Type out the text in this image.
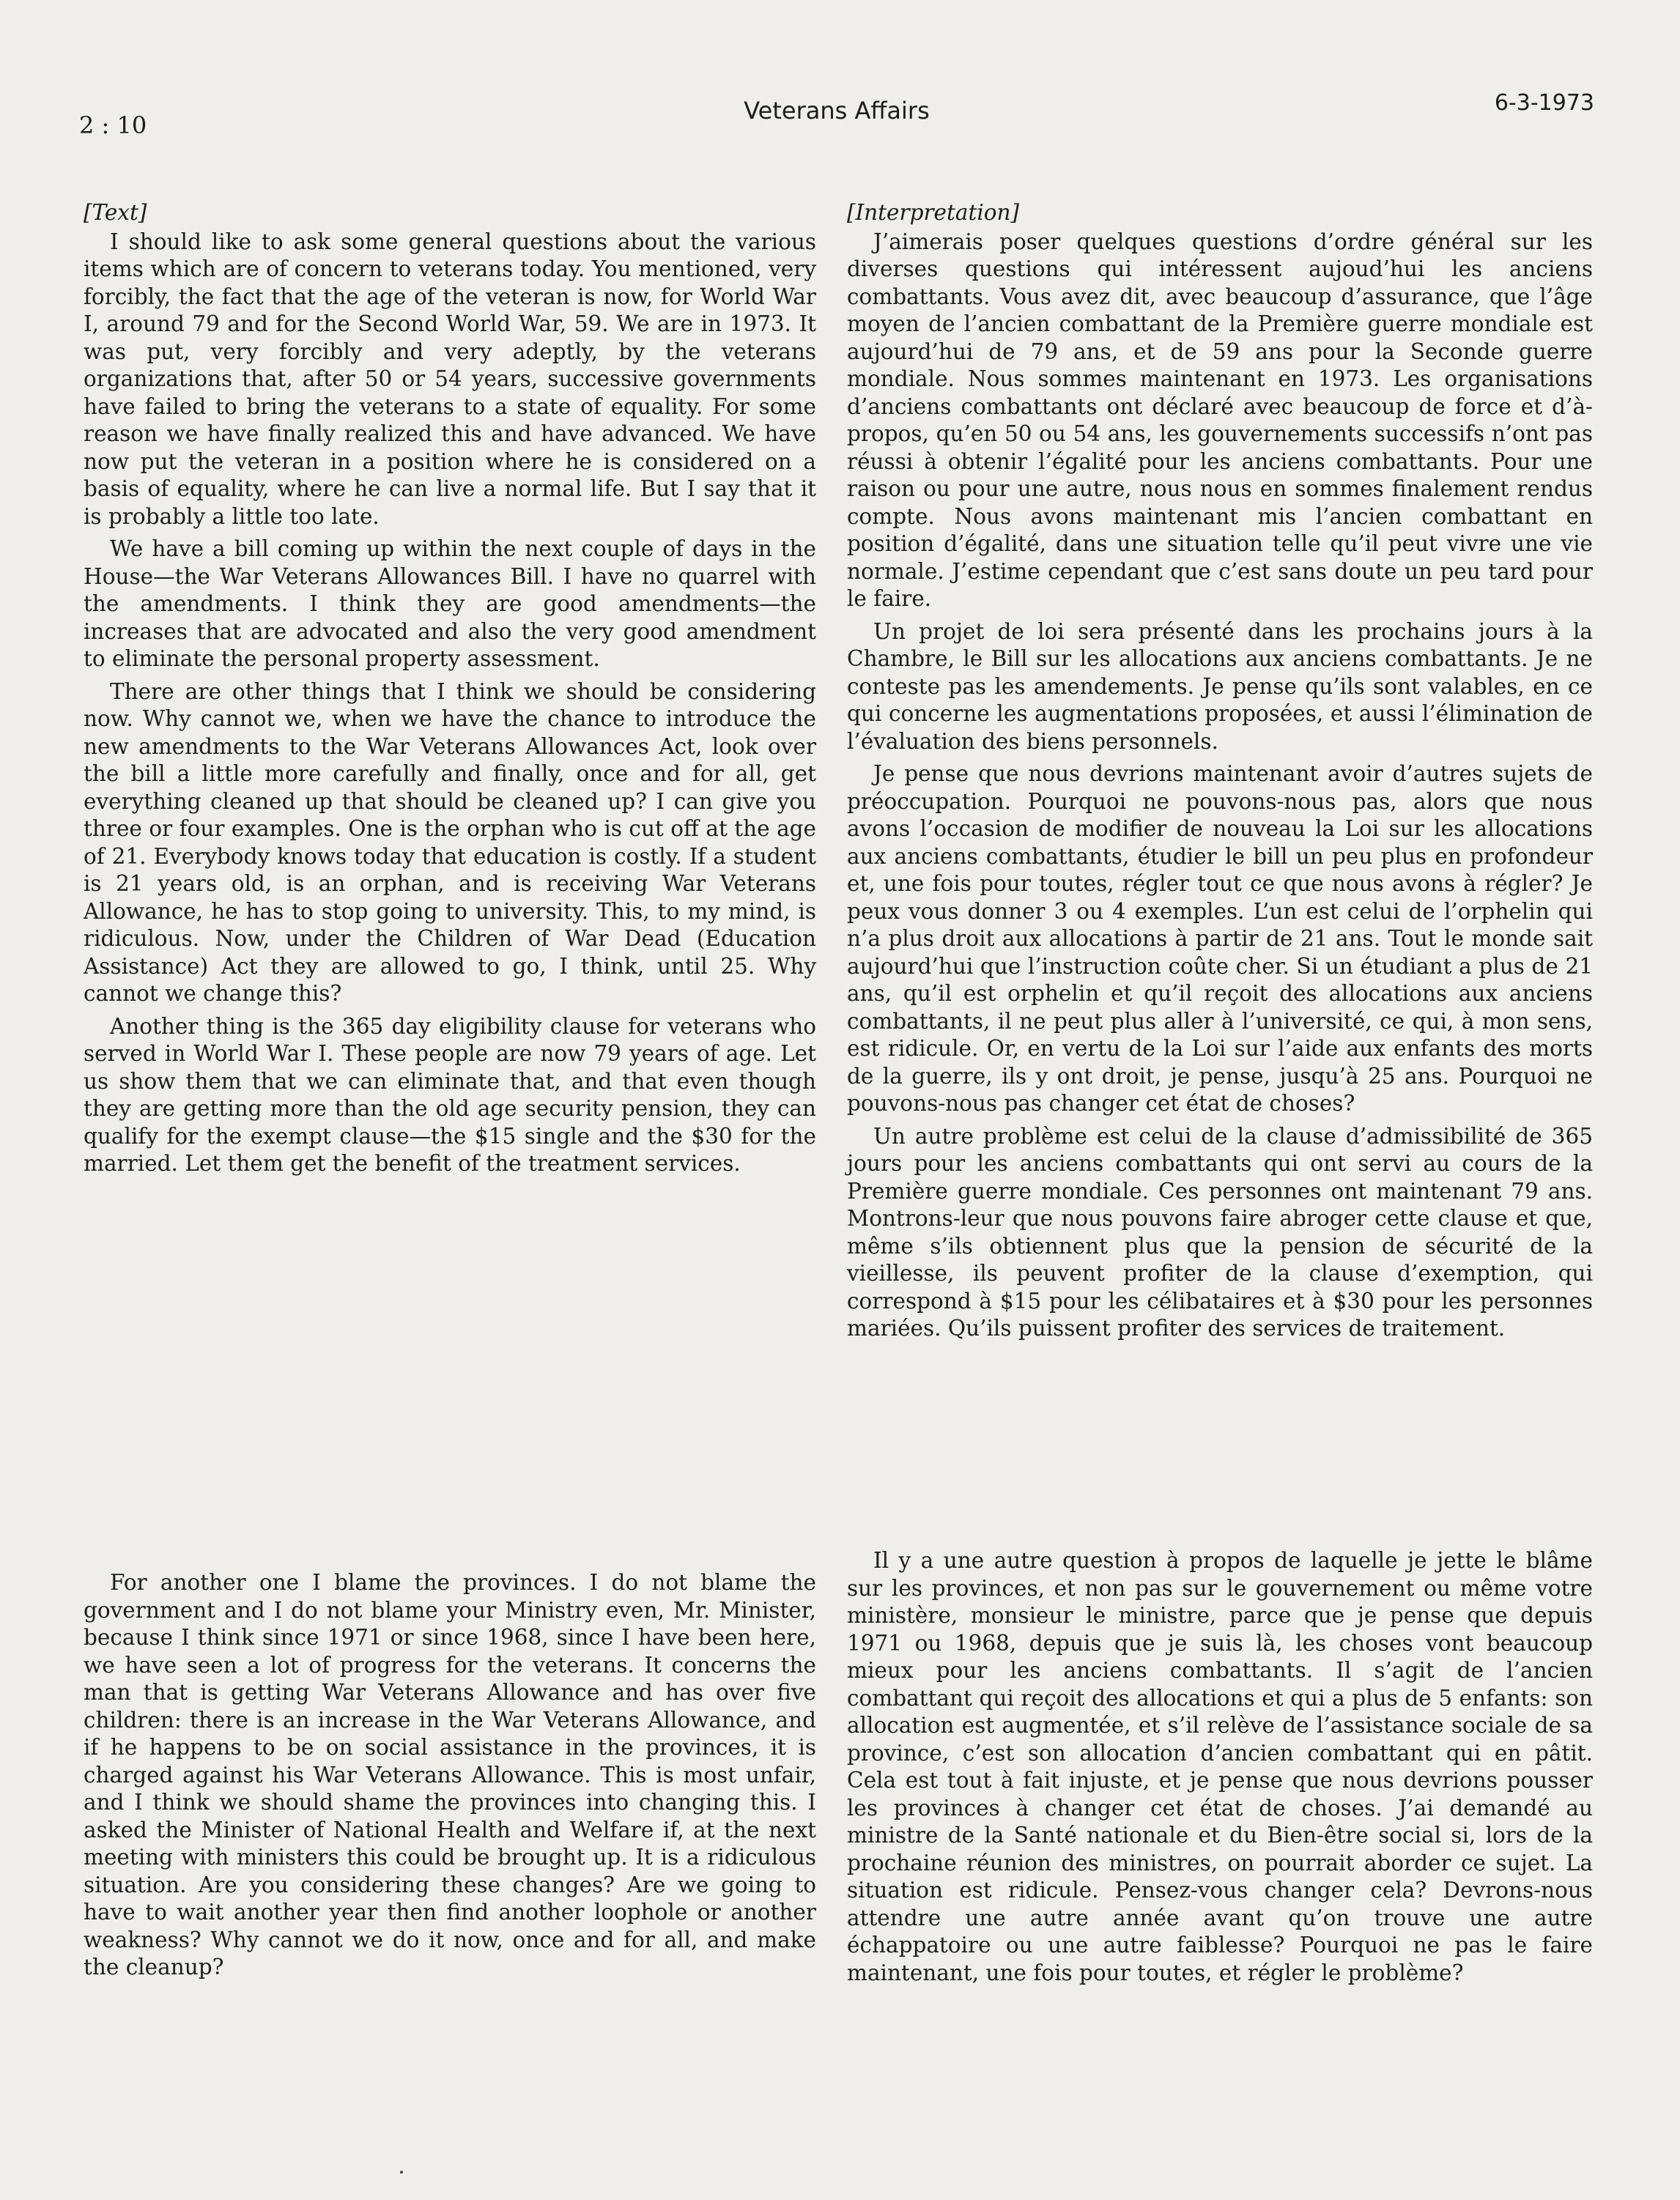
2 : 10
Veterans Affairs	6-3-1973

[Text]

I should like to ask some general questions about the various items which are of concern to veterans today. You mentioned, very forcibly, the fact that the age of the veteran is now, for World War I, around 79 and for the Second World War, 59. We are in 1973. It was put, very forcibly and very adeptly, by the veterans organizations that, after 50 or 54 years, successive governments have failed to bring the veterans to a state of equality. For some reason we have finally realized this and have advanced. We have now put the veteran in a position where he is considered on a basis of equality, where he can live a normal life. But I say that it is probably a little too late.

We have a bill coming up within the next couple of days in the House—the War Veterans Allowances Bill. I have no quarrel with the amendments. I think they are good amendments—the increases that are advocated and also the very good amendment to eliminate the personal property assessment.

There are other things that I think we should be considering now. Why cannot we, when we have the chance to introduce the new amendments to the War Veterans Allowances Act, look over the bill a little more carefully and finally, once and for all, get everything cleaned up that should be cleaned up? I can give you three or four examples. One is the orphan who is cut off at the age of 21. Everybody knows today that education is costly. If a student is 21 years old, is an orphan, and is receiving War Veterans Allowance, he has to stop going to university. This, to my mind, is ridiculous. Now, under the Children of War Dead (Education Assistance) Act they are allowed to go, I think, until 25. Why cannot we change this?

Another thing is the 365 day eligibility clause for veterans who served in World War I. These people are now 79 years of age. Let us show them that we can eliminate that, and that even though they are getting more than the old age security pension, they can qualify for the exempt clause—the $15 single and the $30 for the married. Let them get the benefit of the treatment services.

[Interpretation]

J’aimerais poser quelques questions d’ordre général sur les diverses questions qui intéressent aujoud’hui les anciens combattants. Vous avez dit, avec beaucoup d’assurance, que l’âge moyen de l’ancien combattant de la Première guerre mondiale est aujourd’hui de 79 ans, et de 59 ans pour la Seconde guerre mondiale. Nous sommes maintenant en 1973. Les organisations d’anciens combattants ont déclaré avec beaucoup de force et d’à-propos, qu’en 50 ou 54 ans, les gouvernements successifs n’ont pas réussi à obtenir l’égalité pour les anciens combattants. Pour une raison ou pour une autre, nous nous en sommes finalement rendus compte. Nous avons maintenant mis l’ancien combattant en position d’égalité, dans une situation telle qu’il peut vivre une vie normale. J’estime cependant que c’est sans doute un peu tard pour le faire.

Un projet de loi sera présenté dans les prochains jours à la Chambre, le Bill sur les allocations aux anciens combattants. Je ne conteste pas les amendements. Je pense qu’ils sont valables, en ce qui concerne les augmentations proposées, et aussi l’élimination de l’évaluation des biens personnels.

Je pense que nous devrions maintenant avoir d’autres sujets de préoccupation. Pourquoi ne pouvons-nous pas, alors que nous avons l’occasion de modifier de nouveau la Loi sur les allocations aux anciens combattants, étudier le bill un peu plus en profondeur et, une fois pour toutes, régler tout ce que nous avons à régler? Je peux vous donner 3 ou 4 exemples. L’un est celui de l’orphelin qui n’a plus droit aux allocations à partir de 21 ans. Tout le monde sait aujourd’hui que l’instruction coûte cher. Si un étudiant a plus de 21 ans, qu’il est orphelin et qu’il reçoit des allocations aux anciens combattants, il ne peut plus aller à l’université, ce qui, à mon sens, est ridicule. Or, en vertu de la Loi sur l’aide aux enfants des morts de la guerre, ils y ont droit, je pense, jusqu’à 25 ans. Pourquoi ne pouvons-nous pas changer cet état de choses?

Un autre problème est celui de la clause d’admissibilité de 365 jours pour les anciens combattants qui ont servi au cours de la Première guerre mondiale. Ces personnes ont maintenant 79 ans. Montrons-leur que nous pouvons faire abroger cette clause et que, même s’ils obtiennent plus que la pension de sécurité de la vieillesse, ils peuvent profiter de la clause d’exemption, qui correspond à $15 pour les célibataires et à $30 pour les personnes mariées. Qu’ils puissent profiter des services de traitement.

For another one I blame the provinces. I do not blame the government and I do not blame your Ministry even, Mr. Minister, because I think since 1971 or since 1968, since I have been here, we have seen a lot of progress for the veterans. It concerns the man that is getting War Veterans Allowance and has over five children: there is an increase in the War Veterans Allowance, and if he happens to be on social assistance in the provinces, it is charged against his War Veterans Allowance. This is most unfair, and I think we should shame the provinces into changing this. I asked the Minister of National Health and Welfare if, at the next meeting with ministers this could be brought up. It is a ridiculous situation. Are you considering these changes? Are we going to have to wait another year then find another loophole or another weakness? Why cannot we do it now, once and for all, and make the cleanup?

Il y a une autre question à propos de laquelle je jette le blâme sur les provinces, et non pas sur le gouvernement ou même votre ministère, monsieur le ministre, parce que je pense que depuis 1971 ou 1968, depuis que je suis là, les choses vont beaucoup mieux pour les anciens combattants. Il s’agit de l’ancien combattant qui reçoit des allocations et qui a plus de 5 enfants: son allocation est augmentée, et s’il relève de l’assistance sociale de sa province, c’est son allocation d’ancien combattant qui en pâtit. Cela est tout à fait injuste, et je pense que nous devrions pousser les provinces à changer cet état de choses. J’ai demandé au ministre de la Santé nationale et du Bien-être social si, lors de la prochaine réunion des ministres, on pourrait aborder ce sujet. La situation est ridicule. Pensez-vous changer cela? Devrons-nous attendre une autre année avant qu’on trouve une autre échappatoire ou une autre faiblesse? Pourquoi ne pas le faire maintenant, une fois pour toutes, et régler le problème?
